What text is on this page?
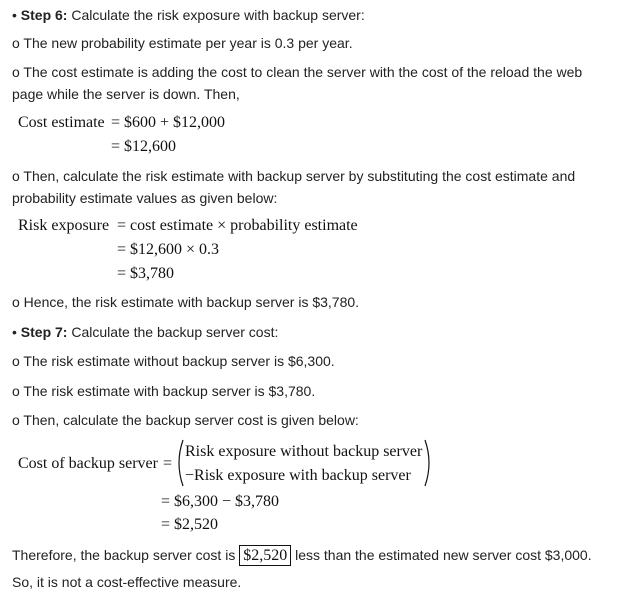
• Step 6: Calculate the risk exposure with backup server:
o The new probability estimate per year is 0.3 per year.
o The cost estimate is adding the cost to clean the server with the cost of the reload the web
page while the server is down. Then,
Cost estimate = $600 + $12,000
= $12,600
o Then, calculate the risk estimate with backup server by substituting the cost estimate and
probability estimate values as given below:
Risk exposure = cost estimate × probability estimate
= $12,600 × 0.3
= $3,780
o Hence, the risk estimate with backup server is $3,780.
• Step 7: Calculate the backup server cost:
o The risk estimate without backup server is $6,300.
o The risk estimate with backup server is $3,780.
o Then, calculate the backup server cost is given below:
Cost of backup server =
Risk exposure without backup server
−Risk exposure with backup server
= $6,300 − $3,780
= $2,520
Therefore, the backup server cost is $2,520 less than the estimated new server cost $3,000.
So, it is not a cost-effective measure.
